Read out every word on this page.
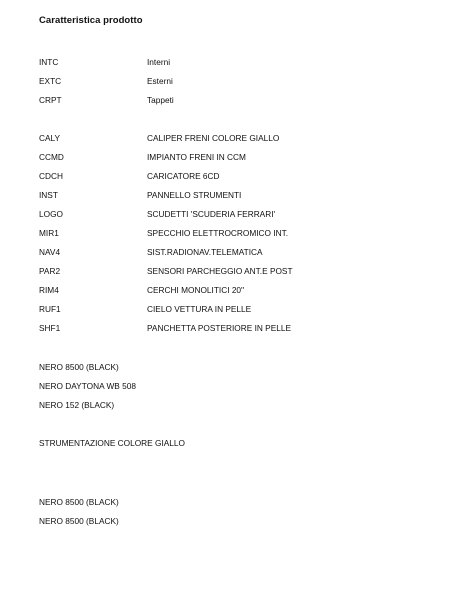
Caratteristica prodotto
INTC	Interni
EXTC	Esterni
CRPT	Tappeti
CALY	CALIPER FRENI COLORE GIALLO
CCMD	IMPIANTO FRENI IN CCM
CDCH	CARICATORE 6CD
INST	PANNELLO STRUMENTI
LOGO	SCUDETTI 'SCUDERIA FERRARI'
MIR1	SPECCHIO ELETTROCROMICO INT.
NAV4	SIST.RADIONAV.TELEMATICA
PAR2	SENSORI PARCHEGGIO ANT.E POST
RIM4	CERCHI MONOLITICI 20''
RUF1	CIELO VETTURA IN PELLE
SHF1	PANCHETTA POSTERIORE IN PELLE
NERO 8500 (BLACK)
NERO DAYTONA WB 508
NERO 152 (BLACK)
STRUMENTAZIONE COLORE GIALLO
NERO 8500 (BLACK)
NERO 8500 (BLACK)
